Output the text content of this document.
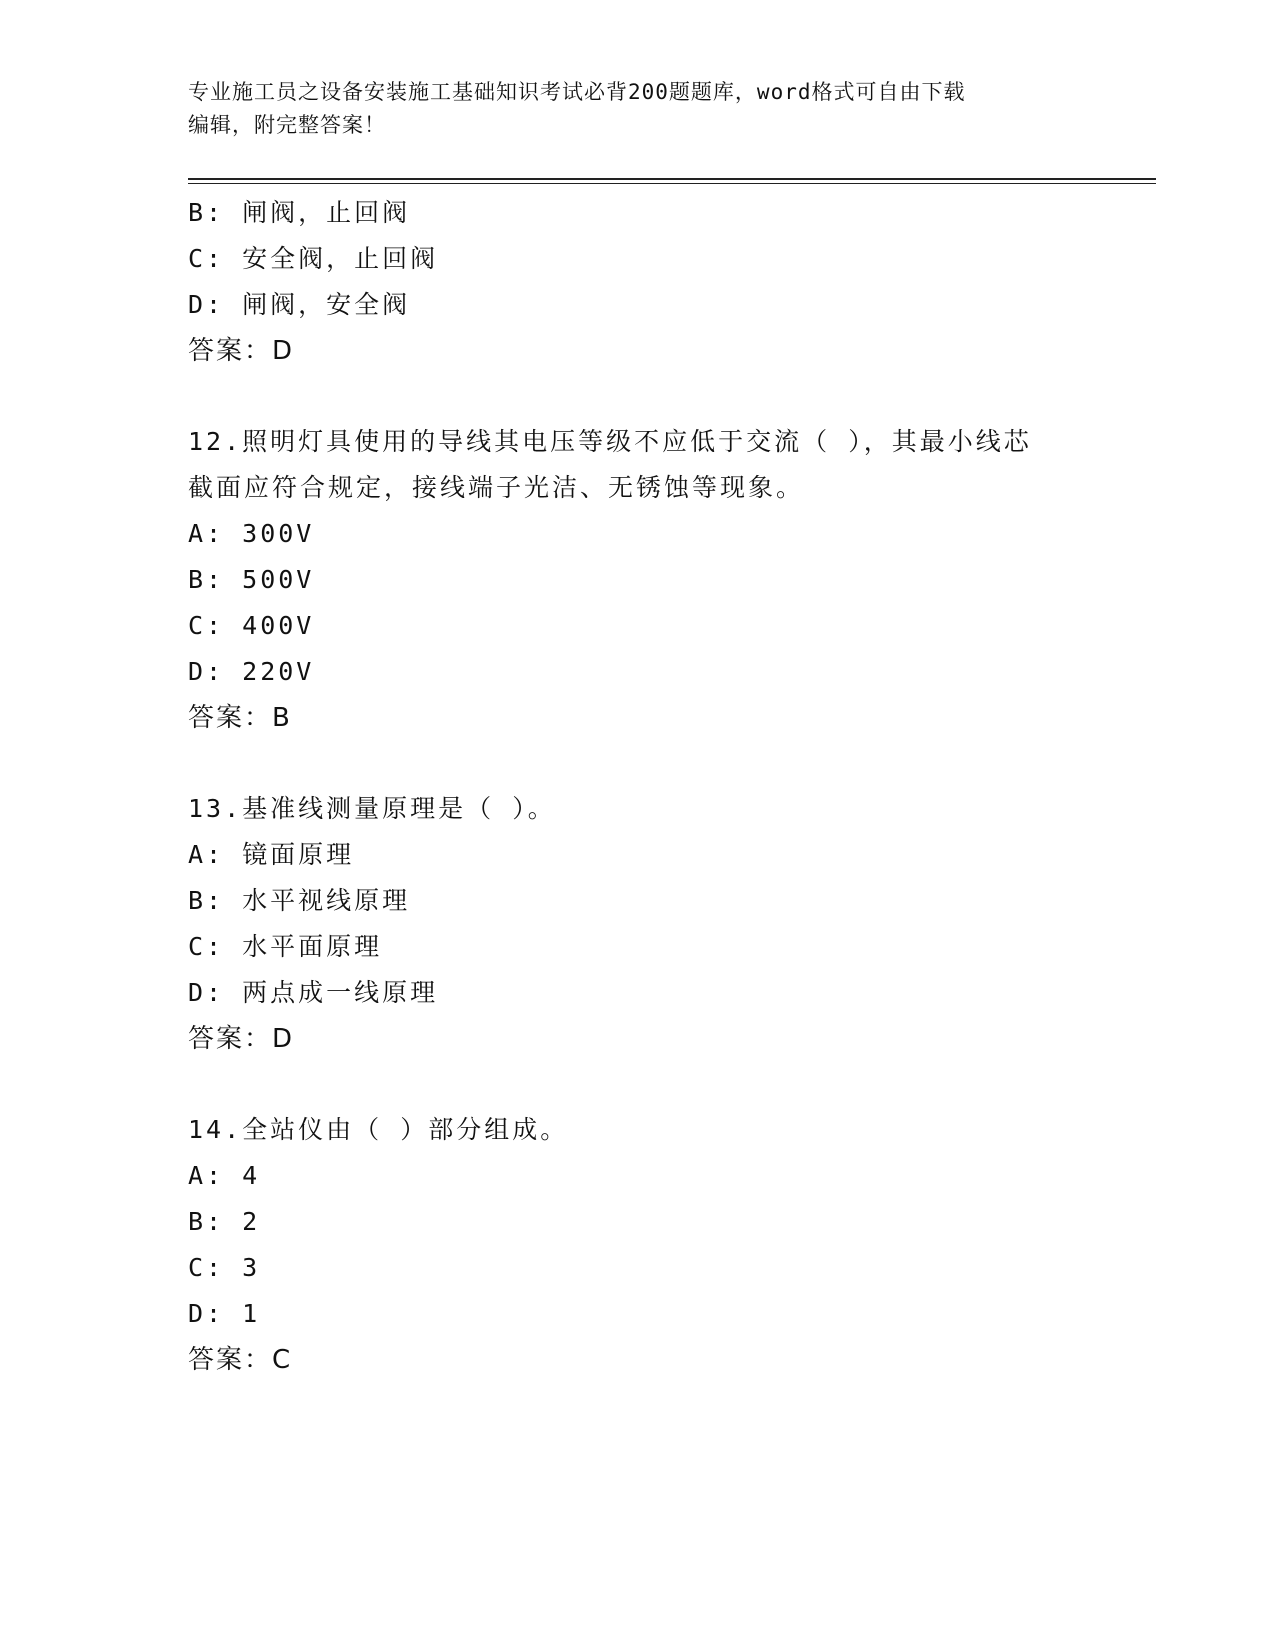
专业施工员之设备安装施工基础知识考试必背200题题库，word格式可自由下载
编辑，附完整答案！
B: 闸阀，止回阀
C: 安全阀，止回阀
D: 闸阀，安全阀
答案：D
12.照明灯具使用的导线其电压等级不应低于交流（ ），其最小线芯
截面应符合规定，接线端子光洁、无锈蚀等现象。
A: 300V
B: 500V
C: 400V
D: 220V
答案：B
13.基准线测量原理是（ ）。
A: 镜面原理
B: 水平视线原理
C: 水平面原理
D: 两点成一线原理
答案：D
14.全站仪由（ ）部分组成。
A: 4
B: 2
C: 3
D: 1
答案：C
